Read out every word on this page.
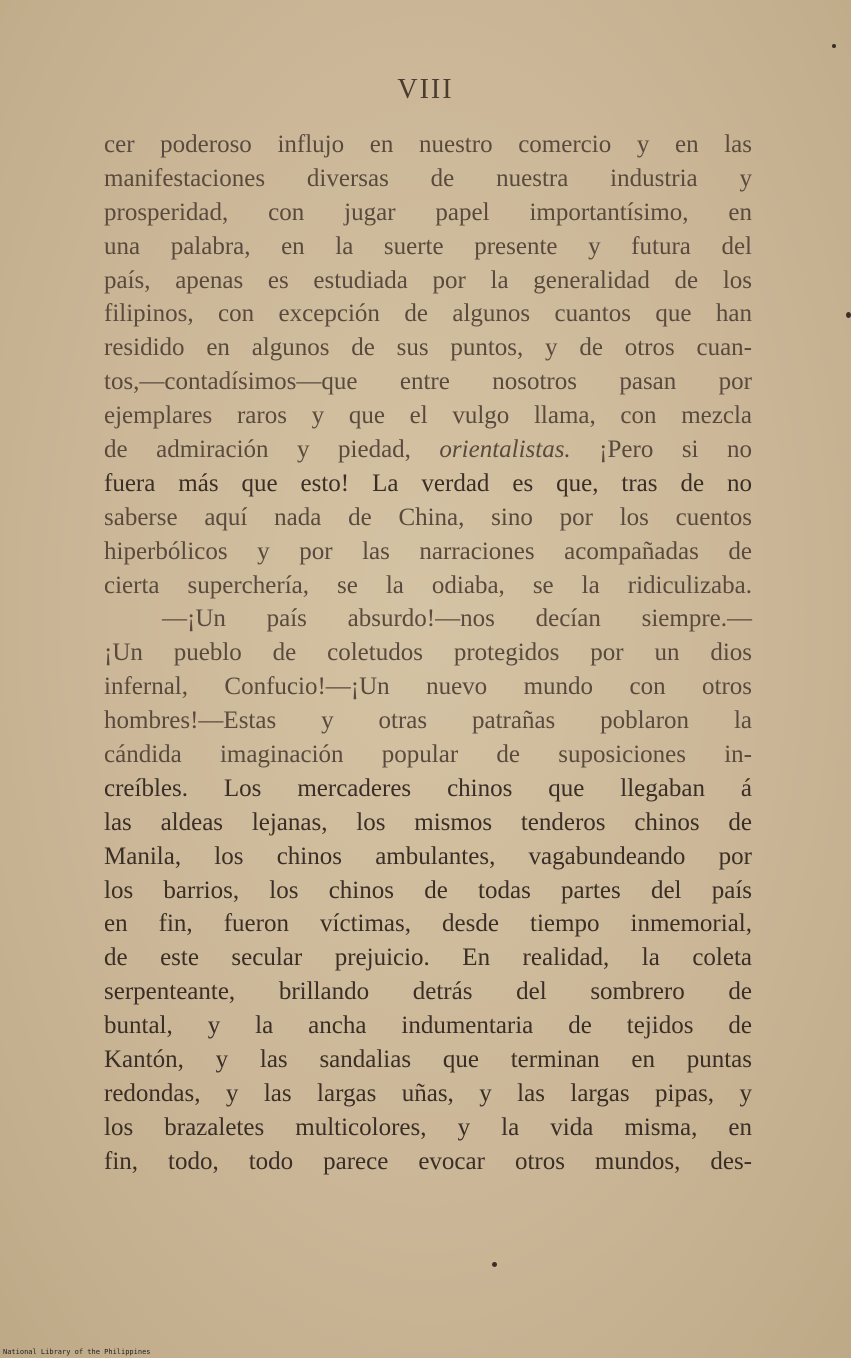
VIII
cer poderoso influjo en nuestro comercio y en las
manifestaciones diversas de nuestra industria y
prosperidad, con jugar papel importantísimo, en
una palabra, en la suerte presente y futura del
país, apenas es estudiada por la generalidad de los
filipinos, con excepción de algunos cuantos que han
residido en algunos de sus puntos, y de otros cuan-
tos,—contadísimos—que entre nosotros pasan por
ejemplares raros y que el vulgo llama, con mezcla
de admiración y piedad, orientalistas. ¡Pero si no
fuera más que esto! La verdad es que, tras de no
saberse aquí nada de China, sino por los cuentos
hiperbólicos y por las narraciones acompañadas de
cierta superchería, se la odiaba, se la ridiculizaba.
—¡Un país absurdo!—nos decían siempre.—
¡Un pueblo de coletudos protegidos por un dios
infernal, Confucio!—¡Un nuevo mundo con otros
hombres!—Estas y otras patrañas poblaron la
cándida imaginación popular de suposiciones in-
creíbles. Los mercaderes chinos que llegaban á
las aldeas lejanas, los mismos tenderos chinos de
Manila, los chinos ambulantes, vagabundeando por
los barrios, los chinos de todas partes del país
en fin, fueron víctimas, desde tiempo inmemorial,
de este secular prejuicio. En realidad, la coleta
serpenteante, brillando detrás del sombrero de
buntal, y la ancha indumentaria de tejidos de
Kantón, y las sandalias que terminan en puntas
redondas, y las largas uñas, y las largas pipas, y
los brazaletes multicolores, y la vida misma, en
fin, todo, todo parece evocar otros mundos, des-
National Library of the Philippines
